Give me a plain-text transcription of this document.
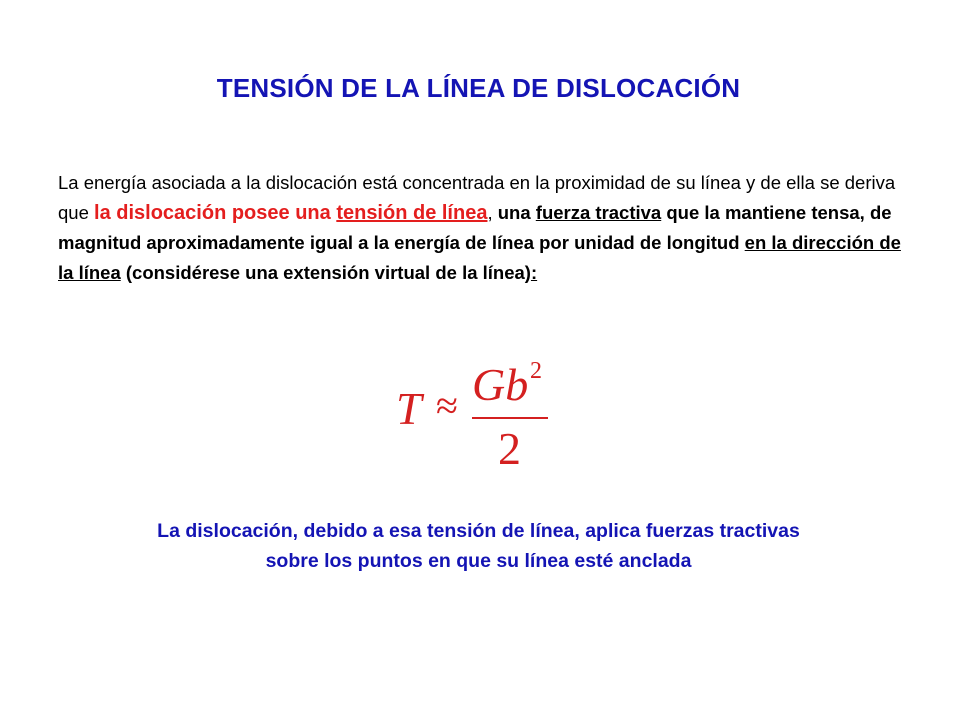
TENSIÓN DE LA LÍNEA DE DISLOCACIÓN
La energía asociada a la dislocación está concentrada en la proximidad de su línea y de ella se deriva que la dislocación posee una tensión de línea, una fuerza tractiva que la mantiene tensa, de magnitud aproximadamente igual a la energía de línea por unidad de longitud en la dirección de la línea (considérese una extensión virtual de la línea):
T ≈ Gb 2
2
La dislocación, debido a esa tensión de línea, aplica fuerzas tractivas
sobre los puntos en que su línea esté anclada
